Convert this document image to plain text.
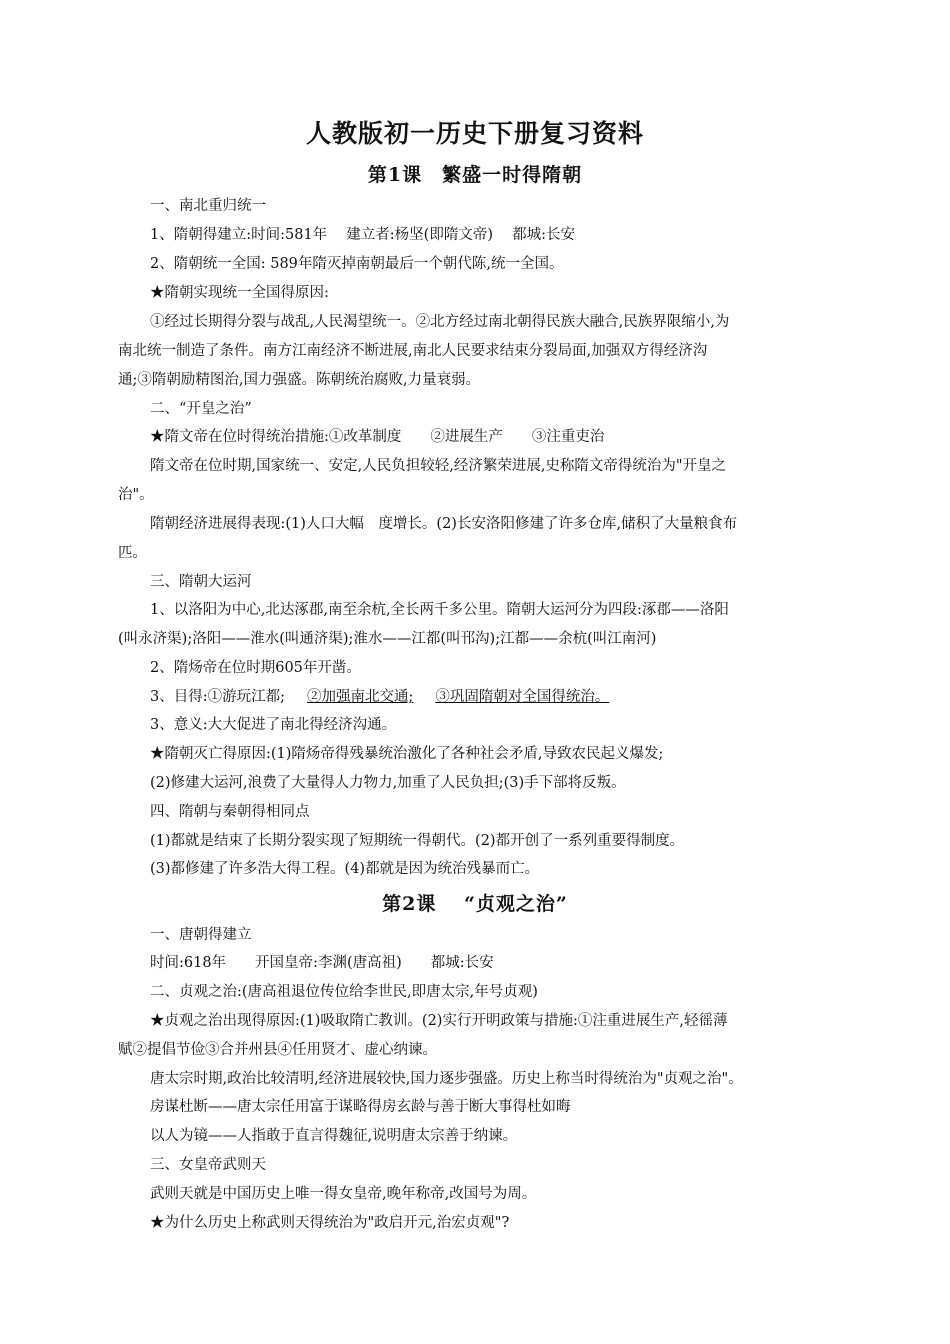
人教版初一历史下册复习资料
第1课　繁盛一时得隋朝
一、南北重归统一
1、隋朝得建立:时间:581年　 建立者:杨坚(即隋文帝)　 都城:长安
2、隋朝统一全国: 589年隋灭掉南朝最后一个朝代陈,统一全国。
★隋朝实现统一全国得原因:
①经过长期得分裂与战乱,人民渴望统一。②北方经过南北朝得民族大融合,民族界限缩小,为
南北统一制造了条件。南方江南经济不断进展,南北人民要求结束分裂局面,加强双方得经济沟
通;③隋朝励精图治,国力强盛。陈朝统治腐败,力量衰弱。
二、“开皇之治”
★隋文帝在位时得统治措施:①改革制度　　②进展生产　　③注重吏治
隋文帝在位时期,国家统一、安定,人民负担较轻,经济繁荣进展,史称隋文帝得统治为"开皇之
治"。
隋朝经济进展得表现:(1)人口大幅　度增长。(2)长安洛阳修建了许多仓库,储积了大量粮食布
匹。
三、隋朝大运河
1、以洛阳为中心,北达涿郡,南至余杭,全长两千多公里。隋朝大运河分为四段:涿郡——洛阳
(叫永济渠);洛阳——淮水(叫通济渠);淮水——江都(叫邗沟);江都——余杭(叫江南河)
2、隋炀帝在位时期605年开凿。
3、目得:①游玩江都; ②加强南北交通; ③巩固隋朝对全国得统治。
3、意义:大大促进了南北得经济沟通。
★隋朝灭亡得原因:(1)隋炀帝得残暴统治激化了各种社会矛盾,导致农民起义爆发;
(2)修建大运河,浪费了大量得人力物力,加重了人民负担;(3)手下部将反叛。
四、隋朝与秦朝得相同点
(1)都就是结束了长期分裂实现了短期统一得朝代。(2)都开创了一系列重要得制度。
(3)都修建了许多浩大得工程。(4)都就是因为统治残暴而亡。
第2课　 “贞观之治”
一、唐朝得建立
时间:618年　　开国皇帝:李渊(唐高祖)　　都城:长安
二、贞观之治:(唐高祖退位传位给李世民,即唐太宗,年号贞观)
★贞观之治出现得原因:(1)吸取隋亡教训。(2)实行开明政策与措施:①注重进展生产,轻徭薄
赋②提倡节俭③合并州县④任用贤才、虚心纳谏。
唐太宗时期,政治比较清明,经济进展较快,国力逐步强盛。历史上称当时得统治为"贞观之治"。
房谋杜断——唐太宗任用富于谋略得房玄龄与善于断大事得杜如晦
以人为镜——人指敢于直言得魏征,说明唐太宗善于纳谏。
三、女皇帝武则天
武则天就是中国历史上唯一得女皇帝,晚年称帝,改国号为周。
★为什么历史上称武则天得统治为"政启开元,治宏贞观"?
